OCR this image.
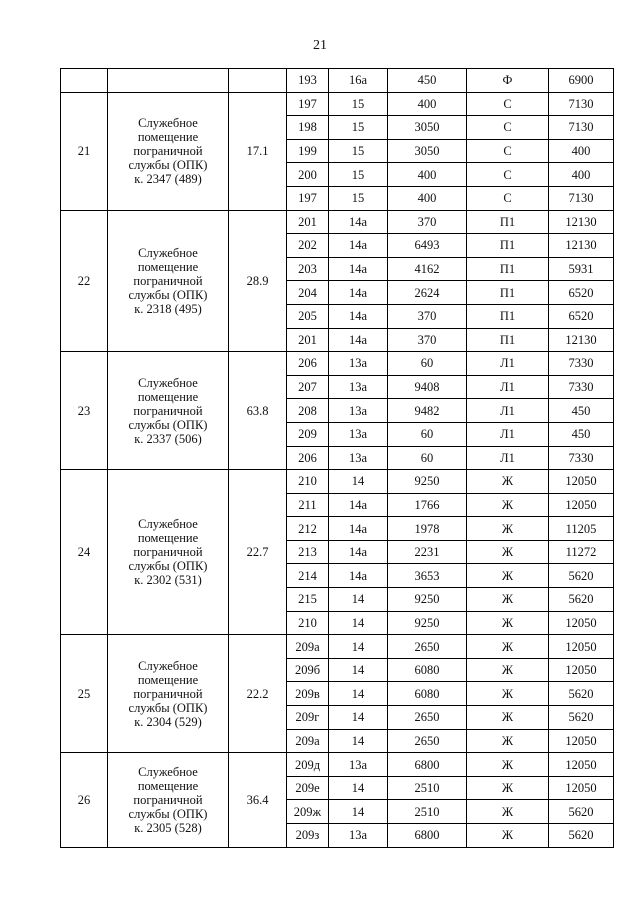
21
			193	16а	450	Ф	6900
21	Служебное
помещение
пограничной
службы (ОПК)
к. 2347 (489)	17.1	197	15	400	С	7130
			198	15	3050	С	7130
			199	15	3050	С	400
			200	15	400	С	400
			197	15	400	С	7130
22	Служебное
помещение
пограничной
службы (ОПК)
к. 2318 (495)	28.9	201	14а	370	П1	12130
			202	14а	6493	П1	12130
			203	14а	4162	П1	5931
			204	14а	2624	П1	6520
			205	14а	370	П1	6520
			201	14а	370	П1	12130
23	Служебное
помещение
пограничной
службы (ОПК)
к. 2337 (506)	63.8	206	13а	60	Л1	7330
			207	13а	9408	Л1	7330
			208	13а	9482	Л1	450
			209	13а	60	Л1	450
			206	13а	60	Л1	7330
24	Служебное
помещение
пограничной
службы (ОПК)
к. 2302 (531)	22.7	210	14	9250	Ж	12050
			211	14а	1766	Ж	12050
			212	14а	1978	Ж	11205
			213	14а	2231	Ж	11272
			214	14а	3653	Ж	5620
			215	14	9250	Ж	5620
			210	14	9250	Ж	12050
25	Служебное
помещение
пограничной
службы (ОПК)
к. 2304 (529)	22.2	209а	14	2650	Ж	12050
			209б	14	6080	Ж	12050
			209в	14	6080	Ж	5620
			209г	14	2650	Ж	5620
			209а	14	2650	Ж	12050
26	Служебное
помещение
пограничной
службы (ОПК)
к. 2305 (528)	36.4	209д	13а	6800	Ж	12050
			209е	14	2510	Ж	12050
			209ж	14	2510	Ж	5620
			209з	13а	6800	Ж	5620
